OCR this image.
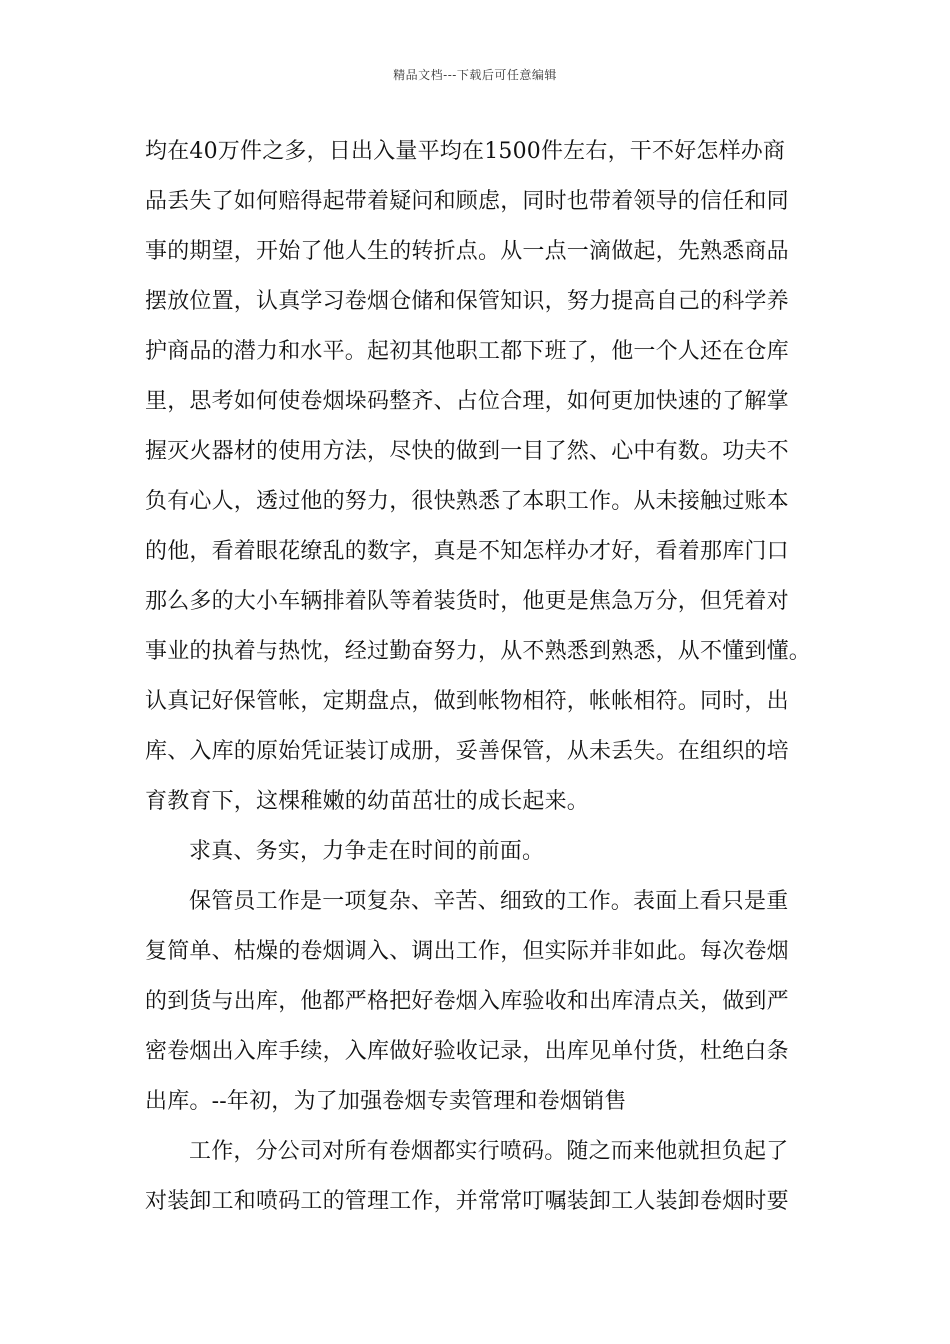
精品文档---下载后可任意编辑
均在40万件之多，日出入量平均在1500件左右，干不好怎样办商
品丢失了如何赔得起带着疑问和顾虑，同时也带着领导的信任和同
事的期望，开始了他人生的转折点。从一点一滴做起，先熟悉商品
摆放位置，认真学习卷烟仓储和保管知识，努力提高自己的科学养
护商品的潜力和水平。起初其他职工都下班了，他一个人还在仓库
里，思考如何使卷烟垛码整齐、占位合理，如何更加快速的了解掌
握灭火器材的使用方法，尽快的做到一目了然、心中有数。功夫不
负有心人，透过他的努力，很快熟悉了本职工作。从未接触过账本
的他，看着眼花缭乱的数字，真是不知怎样办才好，看着那库门口
那么多的大小车辆排着队等着装货时，他更是焦急万分，但凭着对
事业的执着与热忱，经过勤奋努力，从不熟悉到熟悉，从不懂到懂。
认真记好保管帐，定期盘点，做到帐物相符，帐帐相符。同时，出
库、入库的原始凭证装订成册，妥善保管，从未丢失。在组织的培
育教育下，这棵稚嫩的幼苗茁壮的成长起来。
求真、务实，力争走在时间的前面。
保管员工作是一项复杂、辛苦、细致的工作。表面上看只是重
复简单、枯燥的卷烟调入、调出工作，但实际并非如此。每次卷烟
的到货与出库，他都严格把好卷烟入库验收和出库清点关，做到严
密卷烟出入库手续，入库做好验收记录，出库见单付货，杜绝白条
出库。--年初，为了加强卷烟专卖管理和卷烟销售
工作，分公司对所有卷烟都实行喷码。随之而来他就担负起了
对装卸工和喷码工的管理工作，并常常叮嘱装卸工人装卸卷烟时要
